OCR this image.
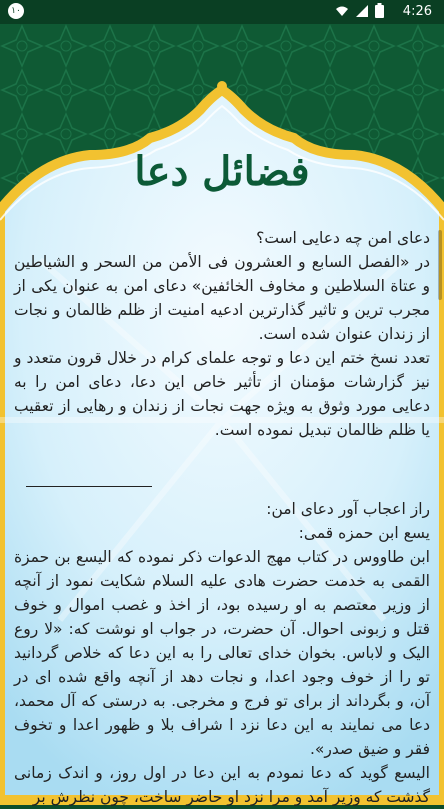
۱۰	4:26
فضائل دعا

دعای امن چه دعایی است؟

در «الفصل السابع و العشرون فی الأمن من السحر و الشیاطین و عتاة السلاطین و مخاوف الخائفین» دعای امن به عنوان یکی از مجرب ترین و تاثیر گذارترین ادعیه امنیت از ظلم ظالمان و نجات از زندان عنوان شده است.

تعدد نسخ ختم این دعا و توجه علمای کرام در خلال قرون متعدد و نیز گزارشات مؤمنان از تأثیر خاص این دعا، دعای امن را به دعایی مورد وثوق به ویژه جهت نجات از زندان و رهایی از تعقیب یا ظلم ظالمان تبدیل نموده است.

راز اعجاب آور دعای امن:

یسع ابن حمزه قمی:

ابن طاووس در کتاب مهج الدعوات ذکر نموده که الیسع بن حمزة القمی به خدمت حضرت هادی علیه السلام شکایت نمود از آنچه از وزیر معتصم به او رسیده بود، از اخذ و غصب اموال و خوف قتل و زبونی احوال. آن حضرت، در جواب او نوشت که: «لا روع الیک و لاباس. بخوان خدای تعالی را به این دعا که خلاص گردانید تو را از خوف وجود اعدا، و نجات دهد از آنچه واقع شده ای در آن، و بگرداند از برای تو فرج و مخرجی. به درستی که آل محمد، دعا می نمایند به این دعا نزد ا شراف بلا و ظهور اعدا و تخوف فقر و ضیق صدر».

الیسع گوید که دعا نمودم به این دعا در اول روز، و اندک زمانی گذشت که وزیر آمد و مرا نزد او حاضر ساخت، چون نظرش بر
